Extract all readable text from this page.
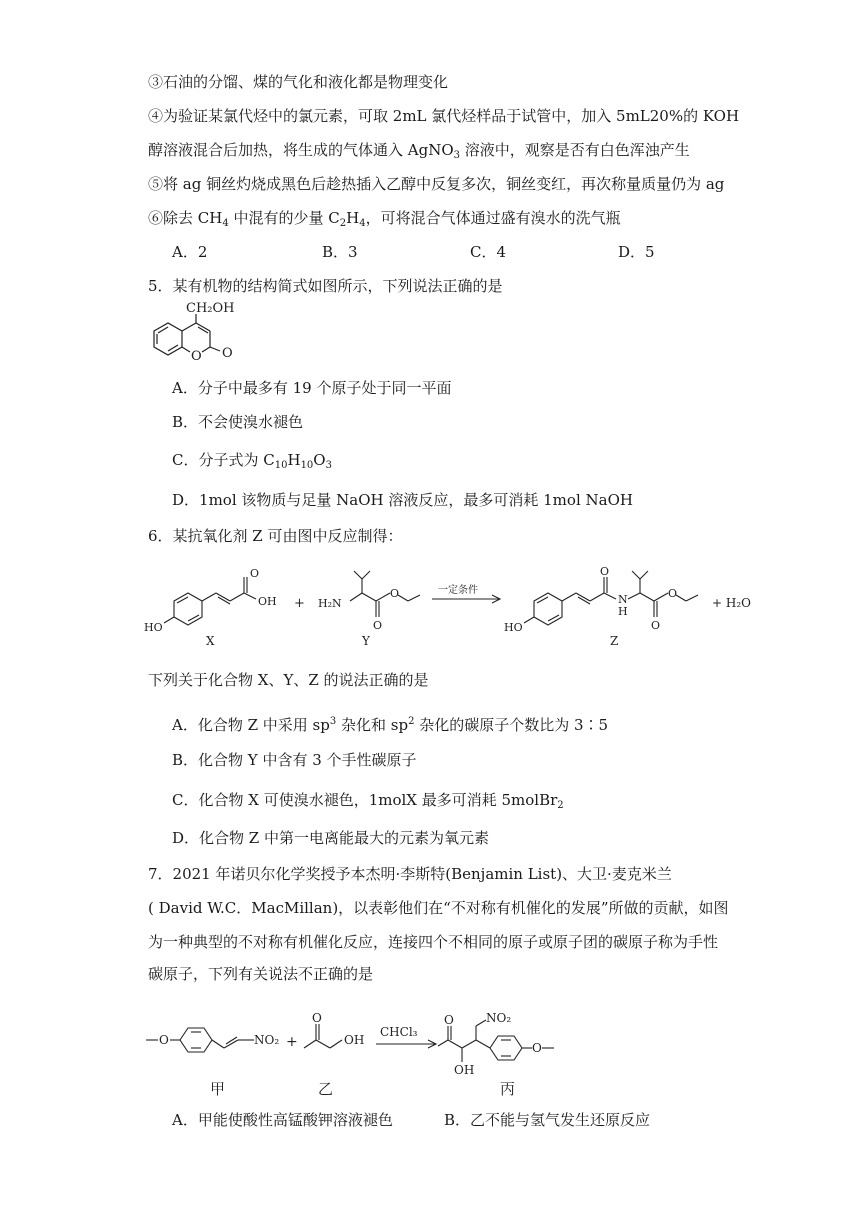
③石油的分馏、煤的气化和液化都是物理变化
④为验证某氯代烃中的氯元素，可取 2mL 氯代烃样品于试管中，加入 5mL20%的 KOH
醇溶液混合后加热，将生成的气体通入 AgNO$_3$ 溶液中，观察是否有白色浑浊产生
⑤将 ag 铜丝灼烧成黑色后趁热插入乙醇中反复多次，铜丝变红，再次称量质量仍为 ag
⑥除去 $CH_4$ 中混有的少量 $C_2H_4$，可将混合气体通过盛有溴水的洗气瓶
A．2	B．3	C．4	D．5
5．某有机物的结构简式如图所示，下列说法正确的是
CH₂OH
O O
A．分子中最多有 19 个原子处于同一平面
B．不会使溴水褪色
C．分子式为 $C_{10}H_{10}O_3$
D．1mol 该物质与足量 NaOH 溶液反应，最多可消耗 1mol NaOH
6．某抗氧化剂 Z 可由图中反应制得：
O
OH
HO
X
+ H₂N
O
O
Y
一定条件
O
N
H
O
O
HO
Z
+ H₂O
下列关于化合物 X、Y、Z 的说法正确的是
A．化合物 Z 中采用 $sp^3$ 杂化和 $sp^2$ 杂化的碳原子个数比为 3∶5
B．化合物 Y 中含有 3 个手性碳原子
C．化合物 X 可使溴水褪色，1molX 最多可消耗 5molBr$_2$
D．化合物 Z 中第一电离能最大的元素为氧元素
7．2021 年诺贝尔化学奖授予本杰明·李斯特(Benjamin List)、大卫·麦克米兰
( David W.C．MacMillan)，以表彰他们在“不对称有机催化的发展”所做的贡献，如图
为一种典型的不对称有机催化反应，连接四个不相同的原子或原子团的碳原子称为手性
碳原子，下列有关说法不正确的是
O	NO₂ +
O
OH
CHCl₃
NO₂
O
OH
O
甲	乙	丙
A．甲能使酸性高锰酸钾溶液褪色	B．乙不能与氢气发生还原反应
